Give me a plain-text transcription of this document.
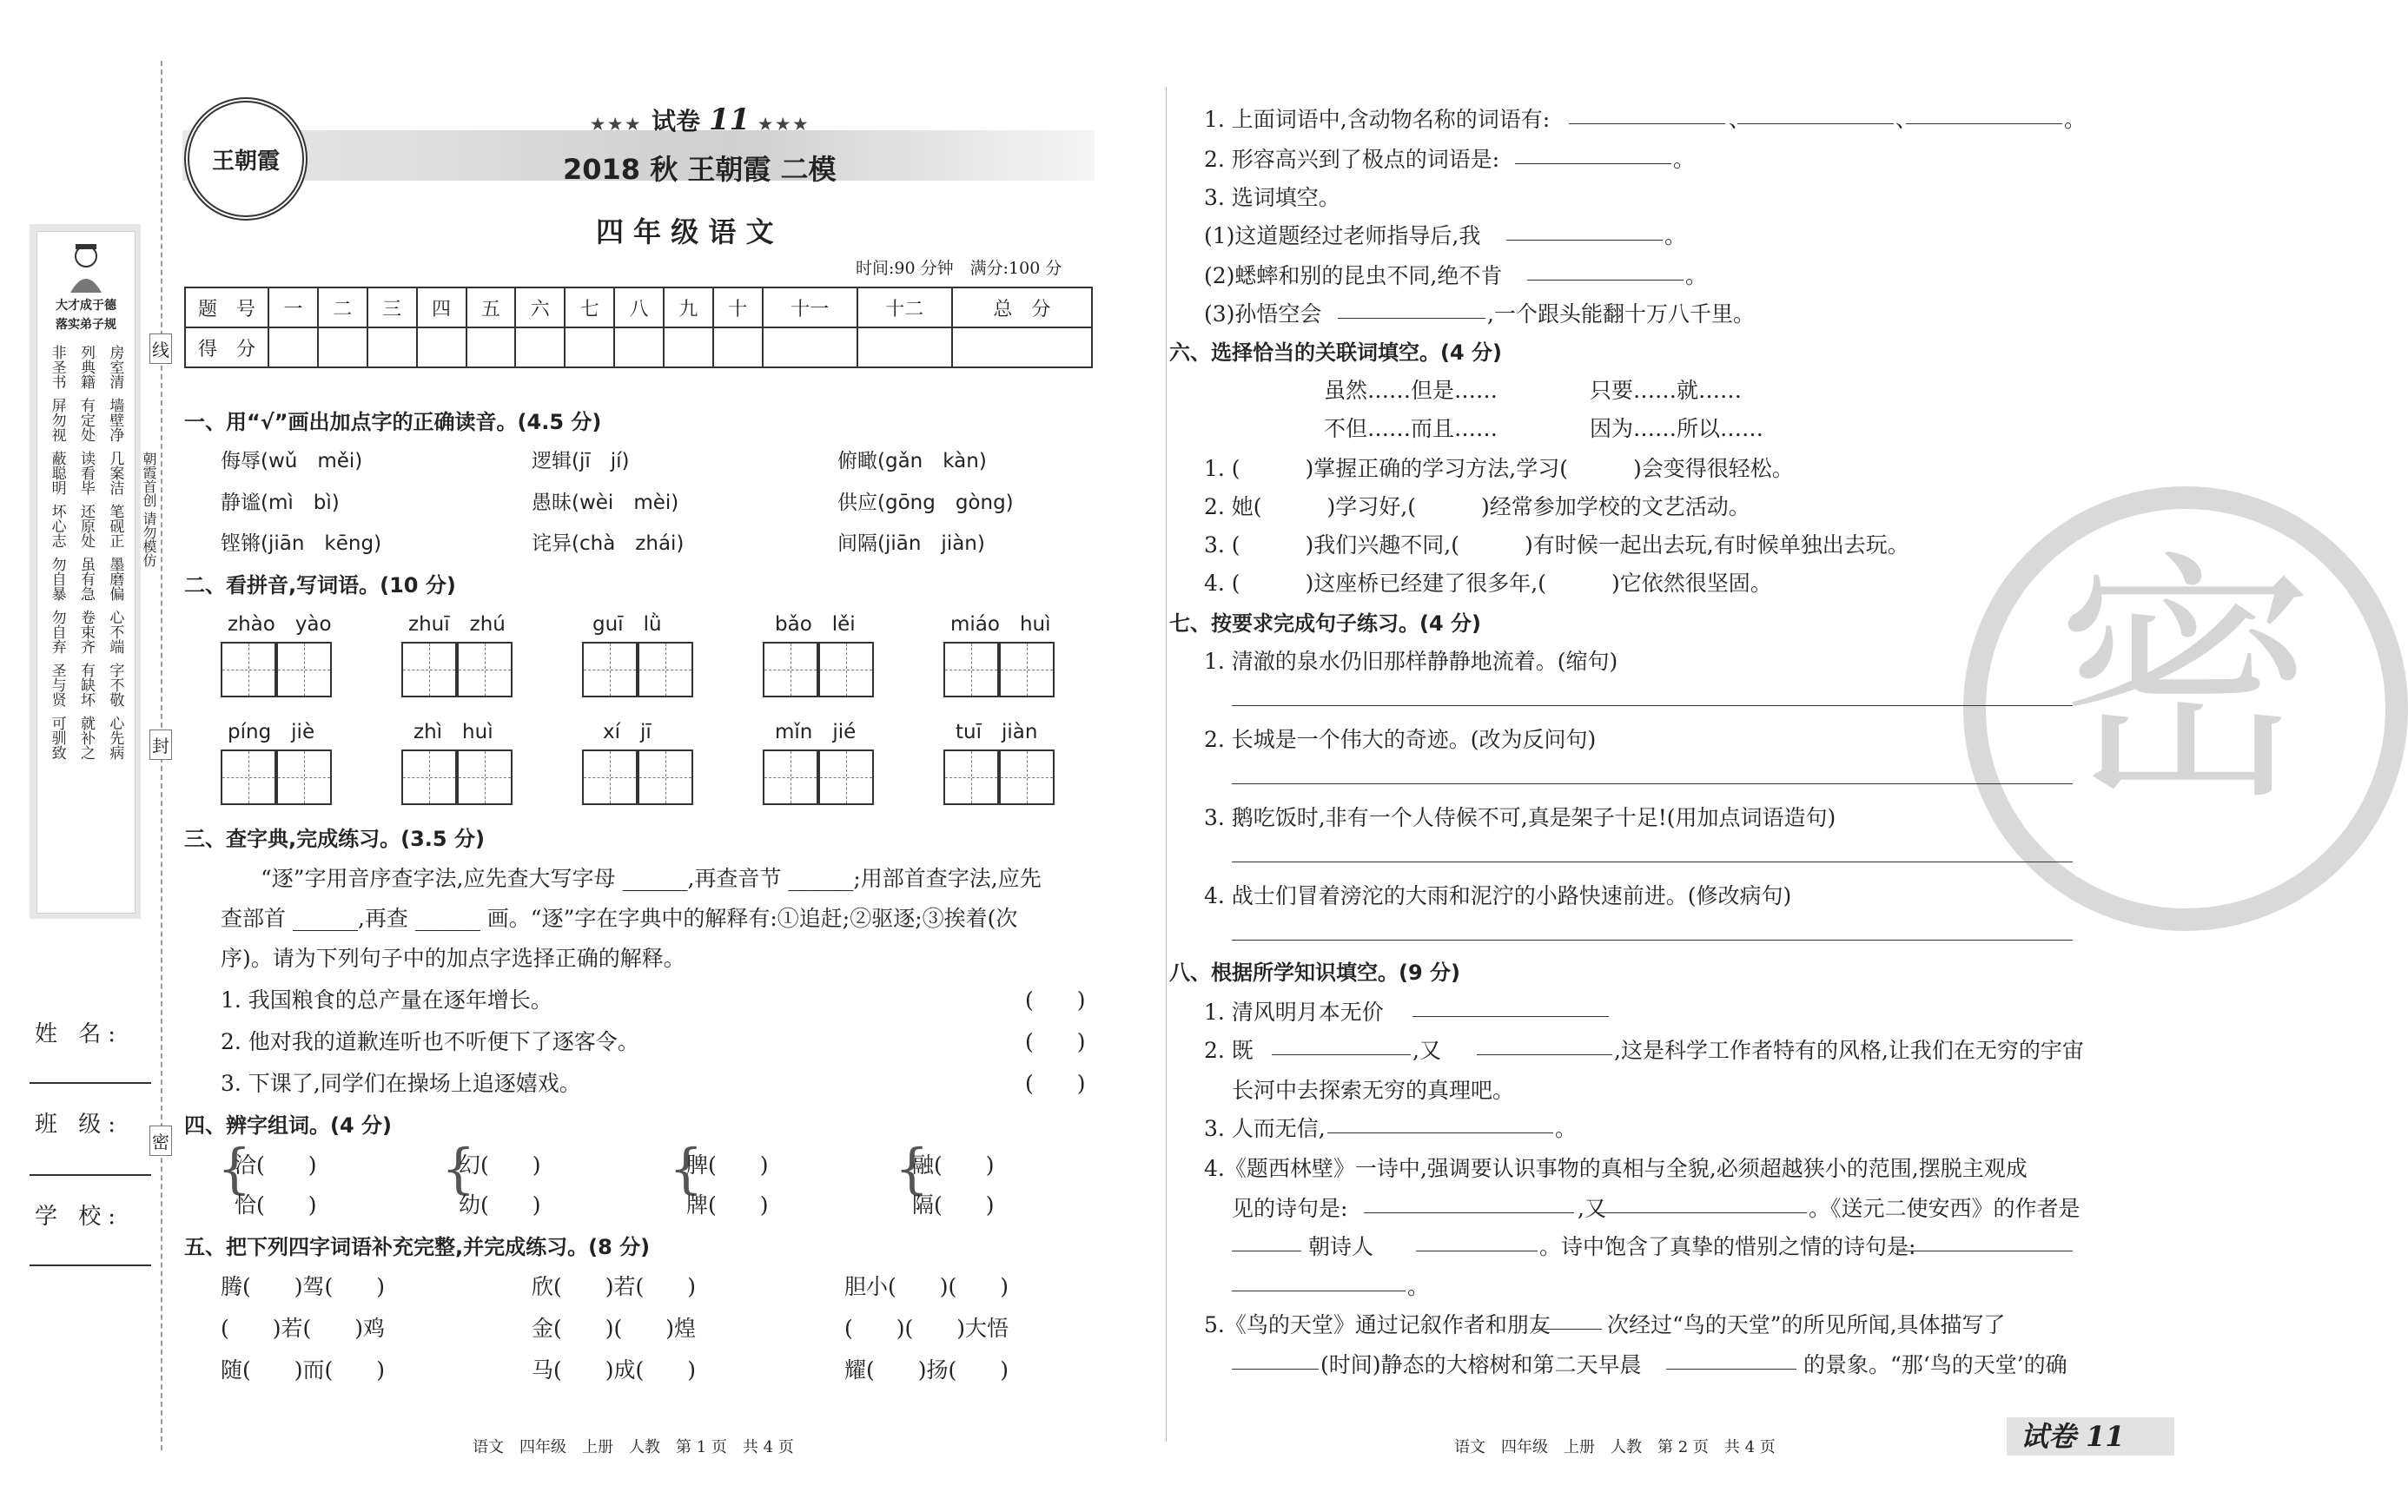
大才成于德
落实弟子规
非圣书 列典籍 房室清
屏勿视 有定处 墙壁净
蔽聪明 读看毕 几案洁
坏心志 还原处 笔砚正
勿自暴 虽有急 墨磨偏
勿自弃 卷束齐 心不端
圣与贤 有缺坏 字不敬
可驯致 就补之 心先病
线
朝霞首创 请勿模仿
封
密
姓 名:
班 级:
学 校:
王朝霞
★★★ 试卷 11 ★★★
2018 秋 王朝霞 二模
四 年 级 语 文
时间:90 分钟　满分:100 分
题　号	一	二	三	四	五	六	七	八	九	十	十一	十二	总　分
得　分													
一、用“√”画出加点字的正确读音。(4.5 分)
侮辱(wǔ　měi)	逻辑(jī　jí)	俯瞰(gǎn　kàn)
静谧(mì　bì)	愚昧(wèi　mèi)	供应(gōng　gòng)
铿锵(jiān　kēng)	诧异(chà　zhái)	间隔(jiān　jiàn)
二、看拼音,写词语。(10 分)
zhào　yào	zhuī　zhú	guī　lǜ	bǎo　lěi	miáo　huì
píng　jiè	zhì　huì	xí　jī	mǐn　jié	tuī　jiàn
三、查字典,完成练习。(3.5 分)
“逐”字用音序查字法,应先查大写字母 ______,再查音节 ______;用部首查字法,应先
查部首 ______,再查 ______ 画。“逐”字在字典中的解释有:①追赶;②驱逐;③挨着(次
序)。请为下列句子中的加点字选择正确的解释。
1. 我国粮食的总产量在逐年增长。	(　　)
2. 他对我的道歉连听也不听便下了逐客令。	(　　)
3. 下课了,同学们在操场上追逐嬉戏。	(　　)
四、辨字组词。(4 分)
{
洽(　　)
恰(　　)
{
幻(　　)
幼(　　)
{
脾(　　)
牌(　　)
{
融(　　)
隔(　　)
五、把下列四字词语补充完整,并完成练习。(8 分)
腾(　　)驾(　　)	欣(　　)若(　　)	胆小(　　)(　　)
(　　)若(　　)鸡	金(　　)(　　)煌	(　　)(　　)大悟
随(　　)而(　　)	马(　　)成(　　)	耀(　　)扬(　　)
语文　四年级　上册　人教　第 1 页　共 4 页
密
1. 上面词语中,含动物名称的词语有:	、	、	。
2. 形容高兴到了极点的词语是:	。
3. 选词填空。
(1)这道题经过老师指导后,我	。
(2)蟋蟀和别的昆虫不同,绝不肯	。
(3)孙悟空会	,一个跟头能翻十万八千里。
六、选择恰当的关联词填空。(4 分)
虽然……但是……	只要……就……
不但……而且……	因为……所以……
1. (　　　)掌握正确的学习方法,学习(　　　)会变得很轻松。
2. 她(　　　)学习好,(　　　)经常参加学校的文艺活动。
3. (　　　)我们兴趣不同,(　　　)有时候一起出去玩,有时候单独出去玩。
4. (　　　)这座桥已经建了很多年,(　　　)它依然很坚固。
七、按要求完成句子练习。(4 分)
1. 清澈的泉水仍旧那样静静地流着。(缩句)
2. 长城是一个伟大的奇迹。(改为反问句)
3. 鹅吃饭时,非有一个人侍候不可,真是架子十足!(用加点词语造句)
4. 战士们冒着滂沱的大雨和泥泞的小路快速前进。(修改病句)
八、根据所学知识填空。(9 分)
1. 清风明月本无价
2. 既	,又	,这是科学工作者特有的风格,让我们在无穷的宇宙
长河中去探索无穷的真理吧。
3. 人而无信,	。
4.《题西林壁》一诗中,强调要认识事物的真相与全貌,必须超越狭小的范围,摆脱主观成
见的诗句是:	,又	。《送元二使安西》的作者是
朝诗人	。诗中饱含了真挚的惜别之情的诗句是:
。
5.《鸟的天堂》通过记叙作者和朋友	次经过“鸟的天堂”的所见所闻,具体描写了
(时间)静态的大榕树和第二天早晨	的景象。“那‘鸟的天堂’的确
语文　四年级　上册　人教　第 2 页　共 4 页	试卷 11
